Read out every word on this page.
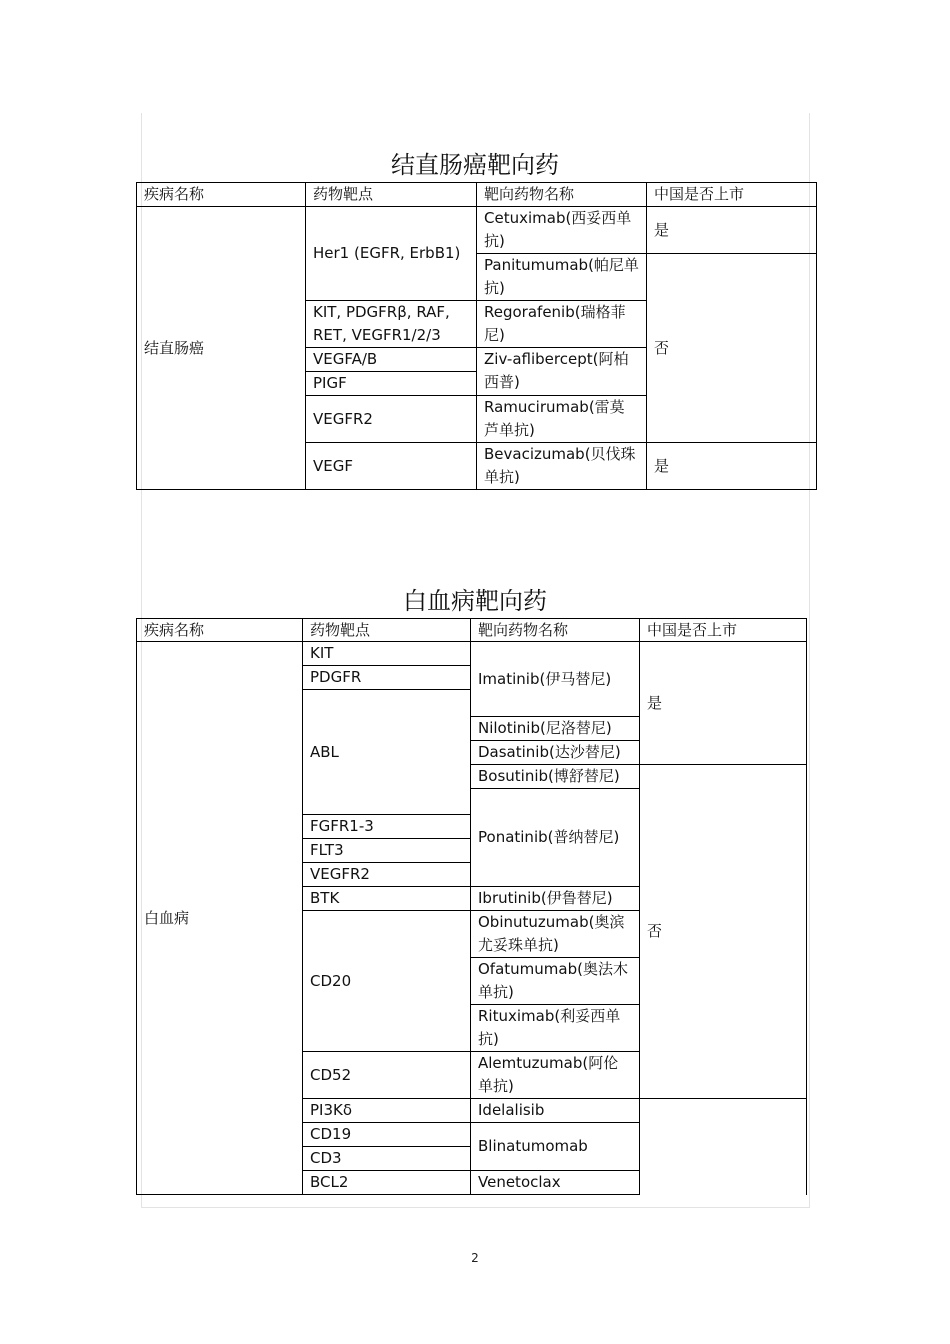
结直肠癌靶向药
疾病名称	药物靶点	靶向药物名称	中国是否上市
结直肠癌	Her1 (EGFR, ErbB1)	Cetuximab(西妥西单抗)	是
		Panitumumab(帕尼单抗)	否
	KIT, PDGFRβ, RAF, RET, VEGFR1/2/3	Regorafenib(瑞格菲尼)	
	VEGFA/B	Ziv-aflibercept(阿柏西普)	
	PIGF		
	VEGFR2	Ramucirumab(雷莫芦单抗)	
	VEGF	Bevacizumab(贝伐珠单抗)	是
白血病靶向药
疾病名称	药物靶点	靶向药物名称	中国是否上市	
白血病	KIT	Imatinib(伊马替尼)	是	
	PDGFR			
	ABL			
		Nilotinib(尼洛替尼)		
		Dasatinib(达沙替尼)		
		Bosutinib(博舒替尼)	否	
		Ponatinib(普纳替尼)		
	FGFR1-3			
	FLT3			
	VEGFR2			
	BTK	Ibrutinib(伊鲁替尼)		
	CD20	Obinutuzumab(奥滨尤妥珠单抗)		
		Ofatumumab(奥法木单抗)		
		Rituximab(利妥西单抗)	
	CD52	Alemtuzumab(阿伦单抗)	
	PI3Kδ	Idelalisib		
	CD19	Blinatumomab		
	CD3			
	BCL2	Venetoclax		
2
